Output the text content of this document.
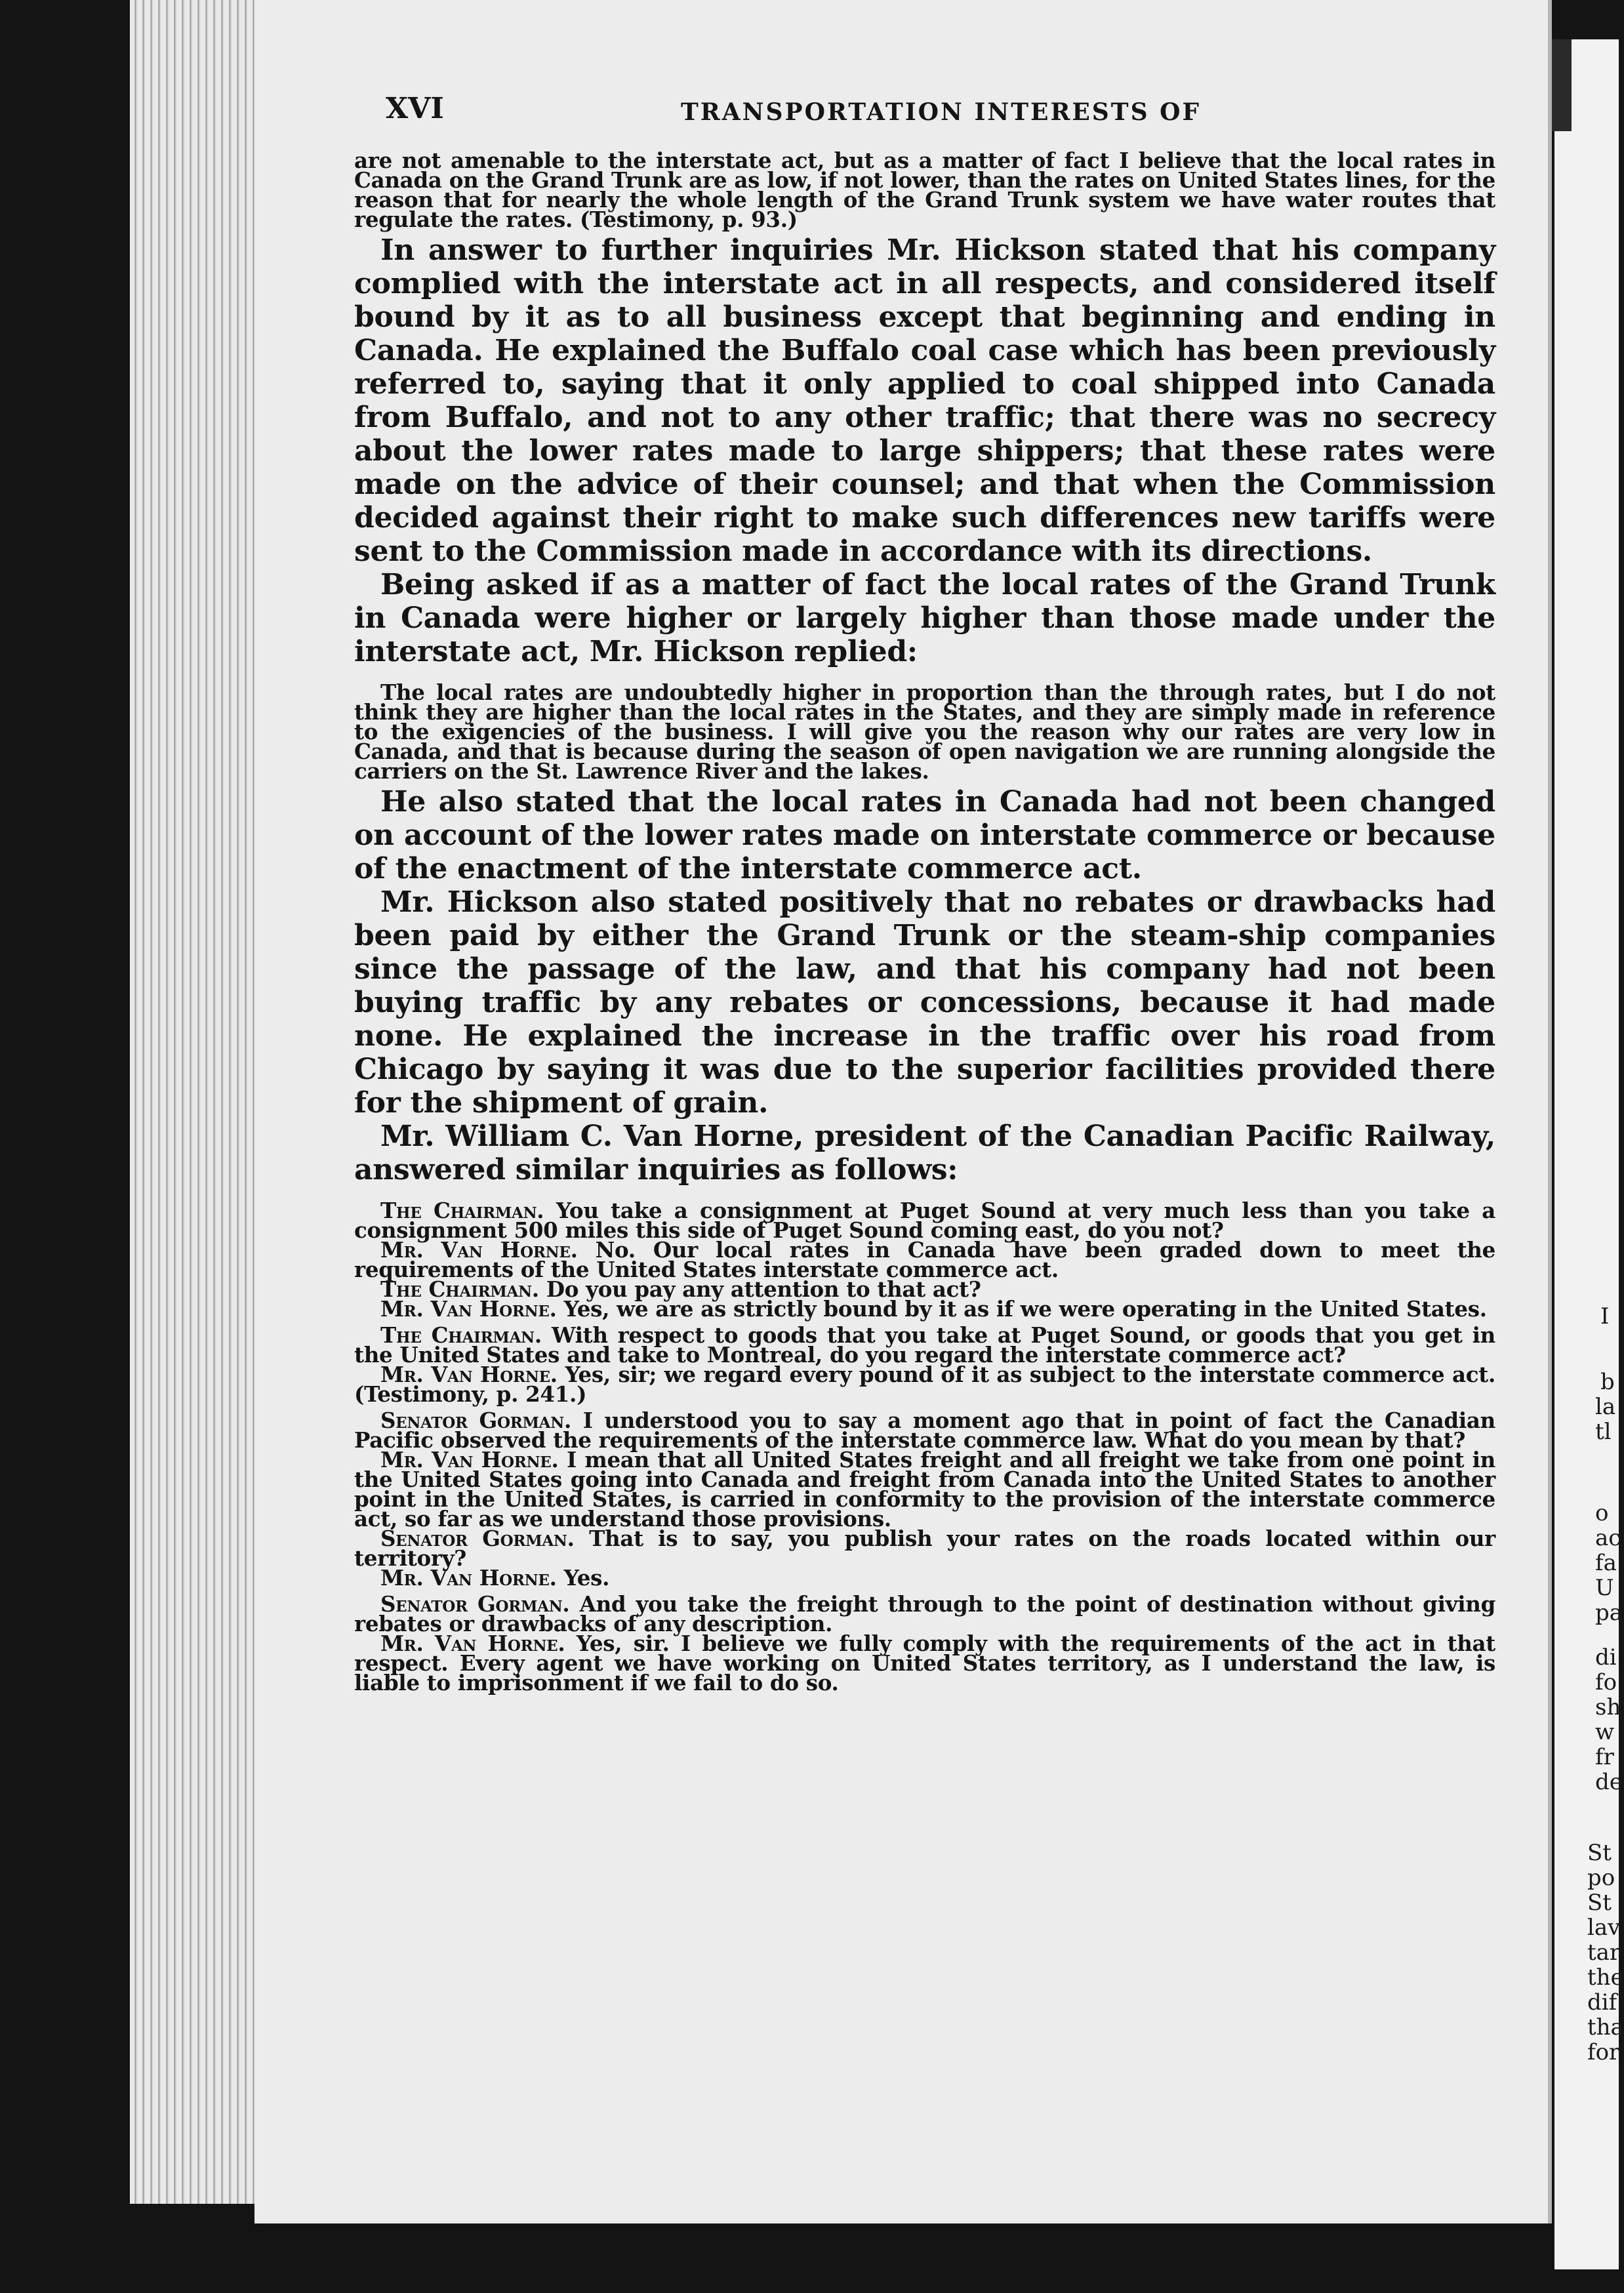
I
b
la
tl
o
ac
fa
U
pa
di
fo
sh
w
fr
de
St
po
St
lav
tar
the
dif
tha
for
XVI	TRANSPORTATION INTERESTS OF

are not amenable to the interstate act, but as a matter of fact I believe that the local rates in Canada on the Grand Trunk are as low, if not lower, than the rates on United States lines, for the reason that for nearly the whole length of the Grand Trunk system we have water routes that regulate the rates. (Testimony, p. 93.)

In answer to further inquiries Mr. Hickson stated that his company complied with the interstate act in all respects, and considered itself bound by it as to all business except that beginning and ending in Canada. He explained the Buffalo coal case which has been previously referred to, saying that it only applied to coal shipped into Canada from Buffalo, and not to any other traffic; that there was no secrecy about the lower rates made to large shippers; that these rates were made on the advice of their counsel; and that when the Commission decided against their right to make such differences new tariffs were sent to the Commission made in accordance with its directions.

Being asked if as a matter of fact the local rates of the Grand Trunk in Canada were higher or largely higher than those made under the interstate act, Mr. Hickson replied:

The local rates are undoubtedly higher in proportion than the through rates, but I do not think they are higher than the local rates in the States, and they are simply made in reference to the exigencies of the business. I will give you the reason why our rates are very low in Canada, and that is because during the season of open navigation we are running alongside the carriers on the St. Lawrence River and the lakes.

He also stated that the local rates in Canada had not been changed on account of the lower rates made on interstate commerce or because of the enactment of the interstate commerce act.

Mr. Hickson also stated positively that no rebates or drawbacks had been paid by either the Grand Trunk or the steam-ship companies since the passage of the law, and that his company had not been buying traffic by any rebates or concessions, because it had made none. He explained the increase in the traffic over his road from Chicago by saying it was due to the superior facilities provided there for the shipment of grain.

Mr. William C. Van Horne, president of the Canadian Pacific Railway, answered similar inquiries as follows:

The Chairman. You take a consignment at Puget Sound at very much less than you take a consignment 500 miles this side of Puget Sound coming east, do you not?

Mr. Van Horne. No. Our local rates in Canada have been graded down to meet the requirements of the United States interstate commerce act.

The Chairman. Do you pay any attention to that act?

Mr. Van Horne. Yes, we are as strictly bound by it as if we were operating in the United States.

The Chairman. With respect to goods that you take at Puget Sound, or goods that you get in the United States and take to Montreal, do you regard the interstate commerce act?

Mr. Van Horne. Yes, sir; we regard every pound of it as subject to the interstate commerce act. (Testimony, p. 241.)

Senator Gorman. I understood you to say a moment ago that in point of fact the Canadian Pacific observed the requirements of the interstate commerce law. What do you mean by that?

Mr. Van Horne. I mean that all United States freight and all freight we take from one point in the United States going into Canada and freight from Canada into the United States to another point in the United States, is carried in conformity to the provision of the interstate commerce act, so far as we understand those provisions.

Senator Gorman. That is to say, you publish your rates on the roads located within our territory?

Mr. Van Horne. Yes.

Senator Gorman. And you take the freight through to the point of destination without giving rebates or drawbacks of any description.

Mr. Van Horne. Yes, sir. I believe we fully comply with the requirements of the act in that respect. Every agent we have working on United States territory, as I understand the law, is liable to imprisonment if we fail to do so.
